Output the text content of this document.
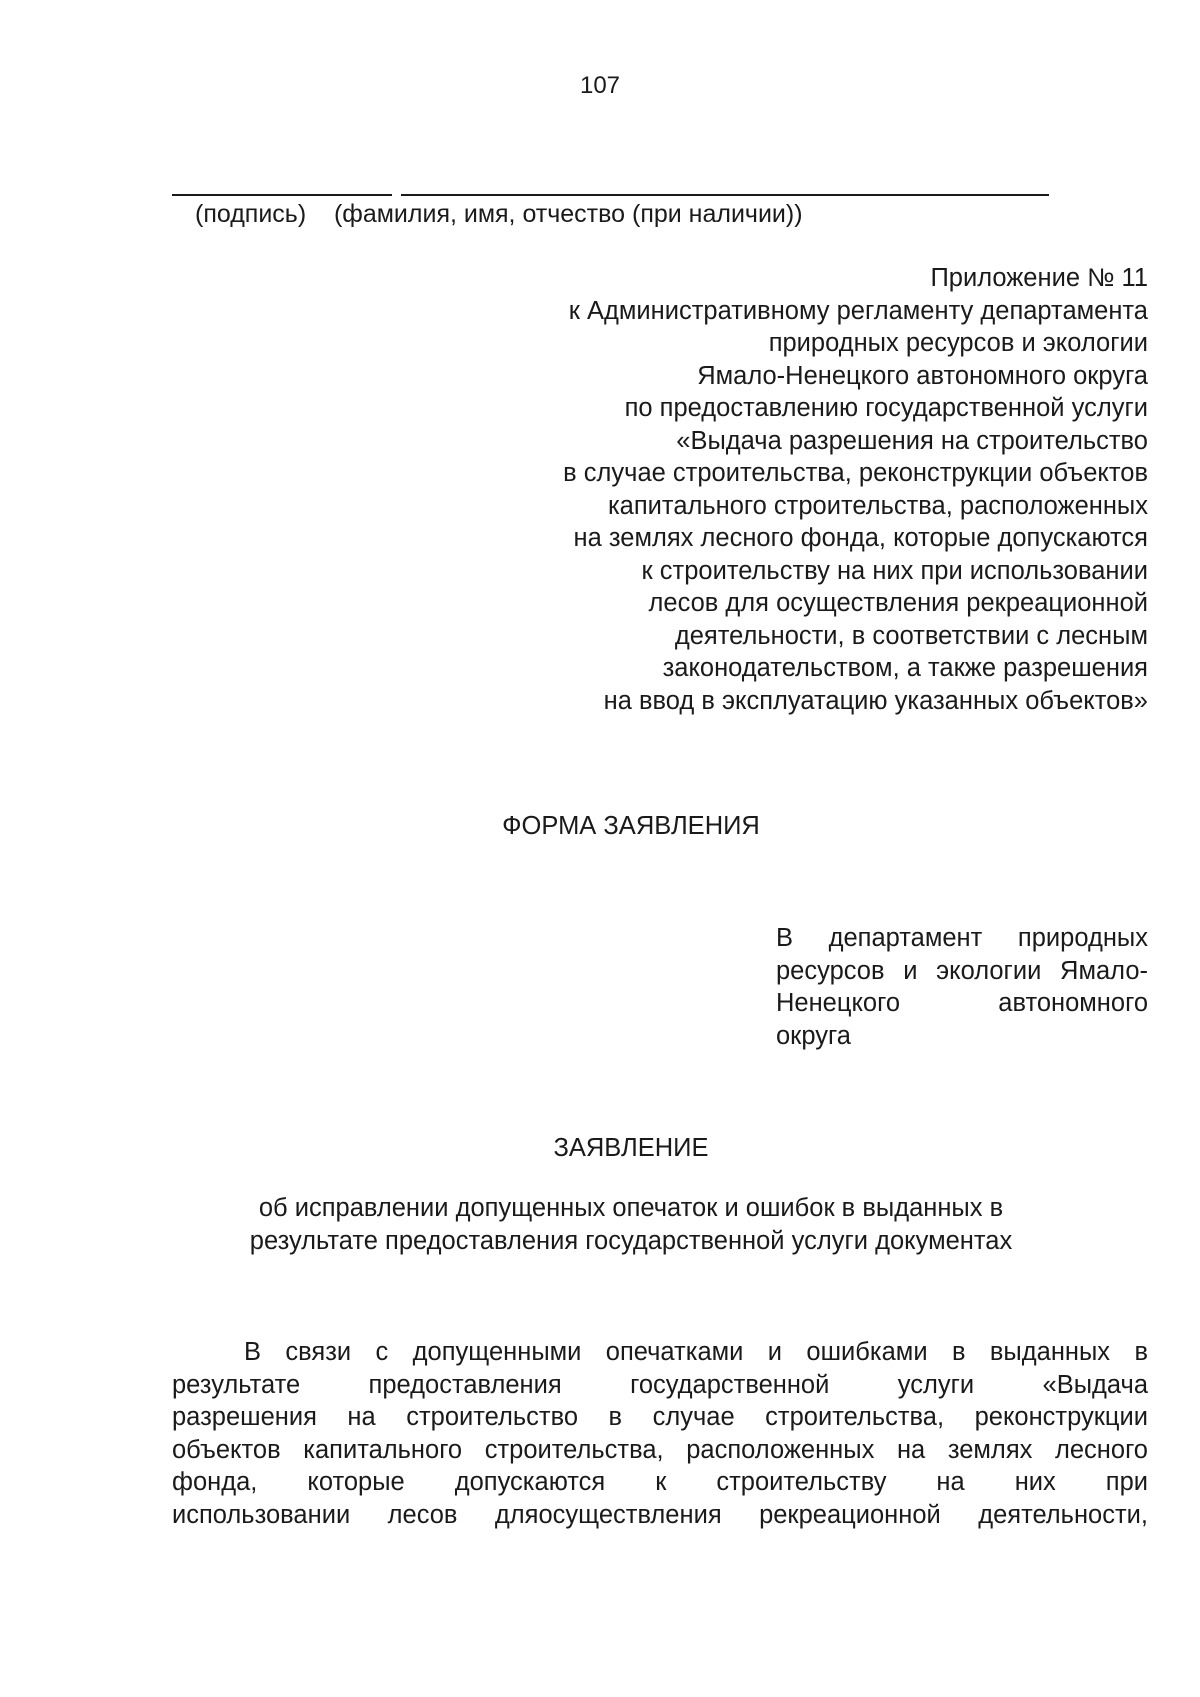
107
(подпись)    (фамилия, имя, отчество (при наличии))
Приложение № 11
к Административному регламенту департамента
природных ресурсов и экологии
Ямало-Ненецкого автономного округа
по предоставлению государственной услуги
«Выдача разрешения на строительство
в случае строительства, реконструкции объектов
капитального строительства, расположенных
на землях лесного фонда, которые допускаются
к строительству на них при использовании
лесов для осуществления рекреационной
деятельности, в соответствии с лесным
законодательством, а также разрешения
на ввод в эксплуатацию указанных объектов»
ФОРМА ЗАЯВЛЕНИЯ
В департамент природных
ресурсов и экологии Ямало-
Ненецкого автономного
округа
ЗАЯВЛЕНИЕ
об исправлении допущенных опечаток и ошибок в выданных в
результате предоставления государственной услуги документах
В связи с допущенными опечатками и ошибками в выданных в
результате предоставления государственной услуги «Выдача
разрешения на строительство в случае строительства, реконструкции
объектов капитального строительства, расположенных на землях лесного
фонда, которые допускаются к строительству на них при
использовании лесов дляосуществления рекреационной деятельности,
